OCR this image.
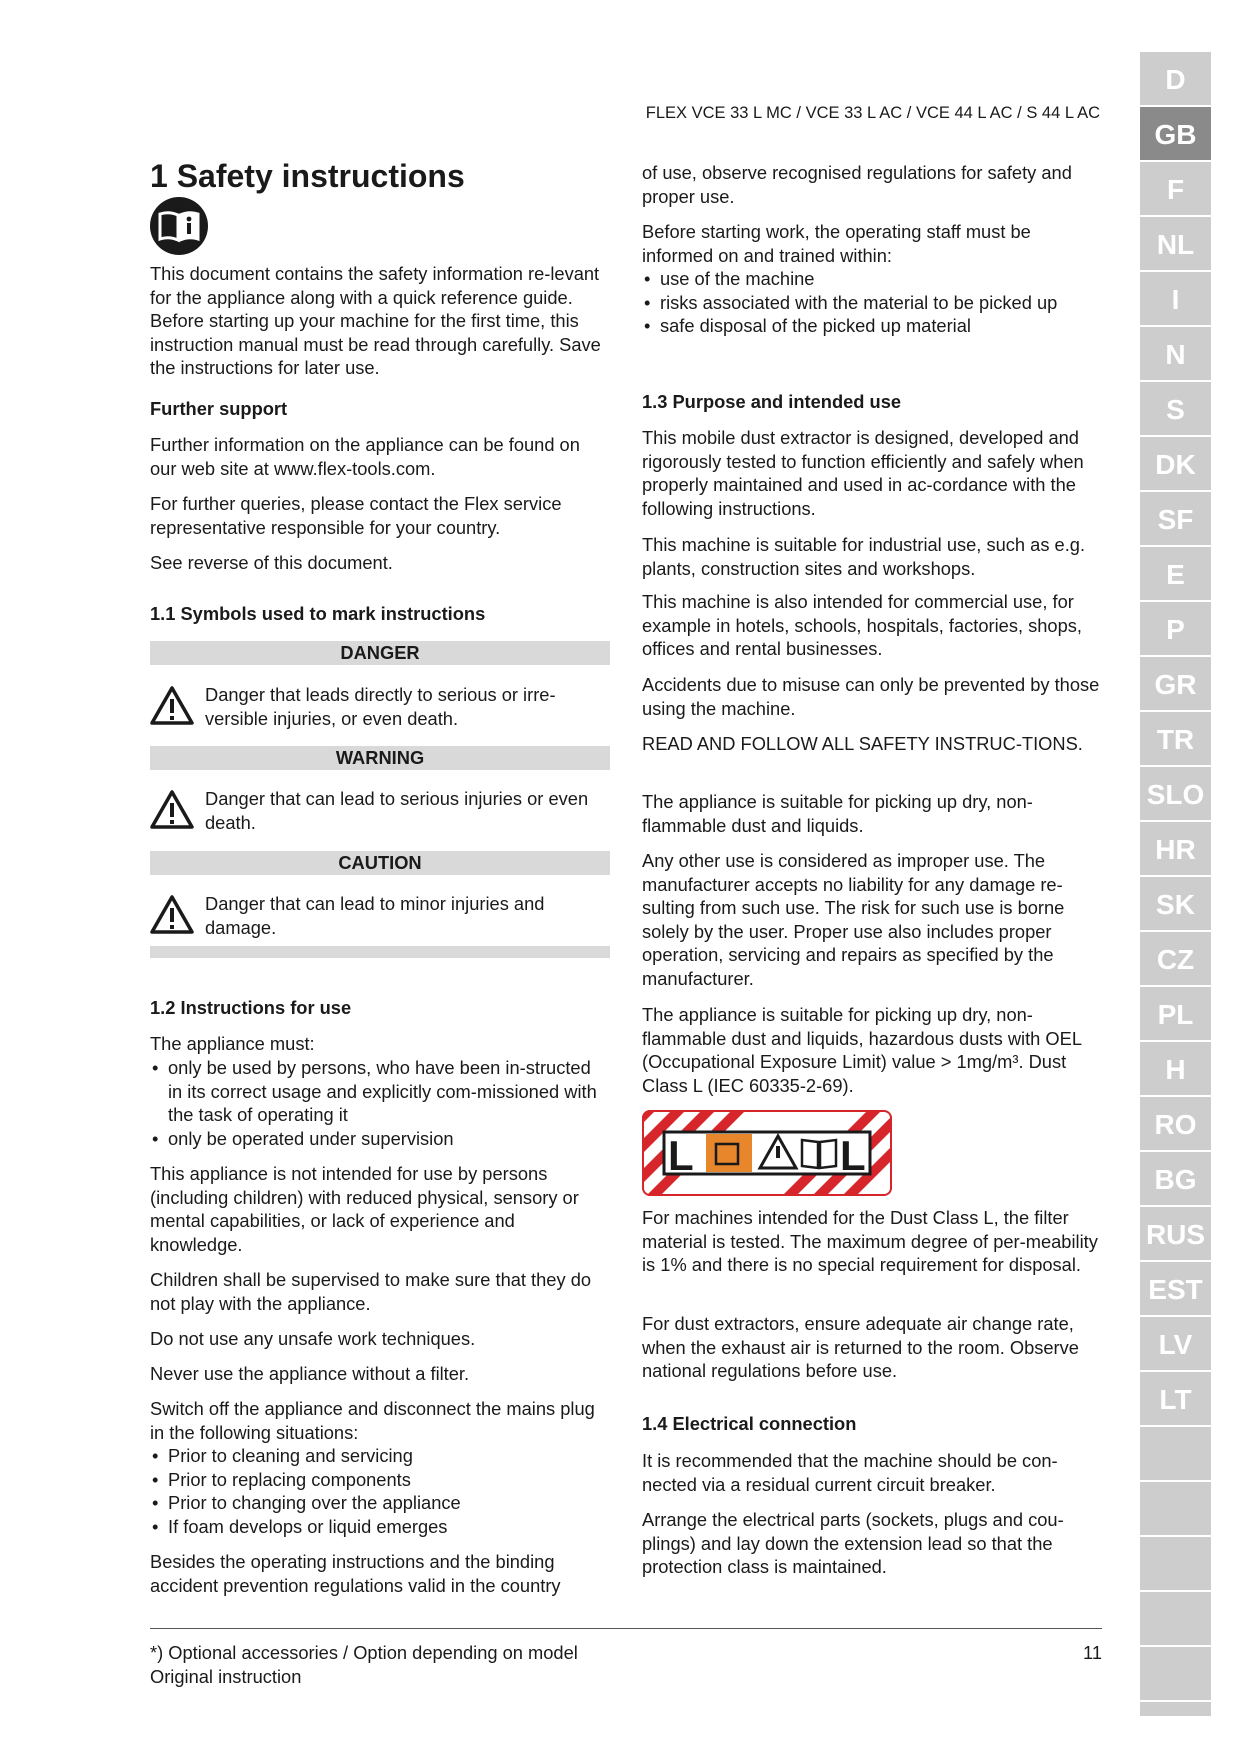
FLEX VCE 33 L MC / VCE 33 L AC / VCE 44 L AC / S 44 L AC
1 Safety instructions

This document contains the safety information re-levant for the appliance along with a quick reference guide. Before starting up your machine for the first time, this instruction manual must be read through carefully. Save the instructions for later use.

Further support

Further information on the appliance can be found on our web site at www.flex-tools.com.

For further queries, please contact the Flex service representative responsible for your country.

See reverse of this document.

1.1 Symbols used to mark instructions
DANGER

Danger that leads directly to serious or irre-versible injuries, or even death.

WARNING

Danger that can lead to serious injuries or even death.

CAUTION

Danger that can lead to minor injuries and damage.

1.2 Instructions for use

The appliance must:

• only be used by persons, who have been in-structed in its correct usage and explicitly com-missioned with the task of operating it
• only be operated under supervision

This appliance is not intended for use by persons (including children) with reduced physical, sensory or mental capabilities, or lack of experience and knowledge.

Children shall be supervised to make sure that they do not play with the appliance.

Do not use any unsafe work techniques.

Never use the appliance without a filter.

Switch off the appliance and disconnect the mains plug in the following situations:

• Prior to cleaning and servicing
• Prior to replacing components
• Prior to changing over the appliance
• If foam develops or liquid emerges

Besides the operating instructions and the binding accident prevention regulations valid in the country

of use, observe recognised regulations for safety and proper use.

Before starting work, the operating staff must be informed on and trained within:

• use of the machine
• risks associated with the material to be picked up
• safe disposal of the picked up material
1.3 Purpose and intended use

This mobile dust extractor is designed, developed and rigorously tested to function efficiently and safely when properly maintained and used in ac-cordance with the following instructions.

This machine is suitable for industrial use, such as e.g. plants, construction sites and workshops.

This machine is also intended for commercial use, for example in hotels, schools, hospitals, factories, shops, offices and rental businesses.

Accidents due to misuse can only be prevented by those using the machine.

READ AND FOLLOW ALL SAFETY INSTRUC-TIONS.

The appliance is suitable for picking up dry, non-flammable dust and liquids.

Any other use is considered as improper use. The manufacturer accepts no liability for any damage re-sulting from such use. The risk for such use is borne solely by the user. Proper use also includes proper operation, servicing and repairs as specified by the manufacturer.

The appliance is suitable for picking up dry, non-flammable dust and liquids, hazardous dusts with OEL (Occupational Exposure Limit) value > 1mg/m³. Dust Class L (IEC 60335-2-69).

L	L

For machines intended for the Dust Class L, the filter material is tested. The maximum degree of per-meability is 1% and there is no special requirement for disposal.

For dust extractors, ensure adequate air change rate, when the exhaust air is returned to the room. Observe national regulations before use.

1.4 Electrical connection

It is recommended that the machine should be con-nected via a residual current circuit breaker.

Arrange the electrical parts (sockets, plugs and cou-plings) and lay down the extension lead so that the protection class is maintained.

*) Optional accessories / Option depending on model

Original instruction

11

D
GB
F
NL
I
N
S
DK
SF
E
P
GR
TR
SLO
HR
SK
CZ
PL
H
RO
BG
RUS
EST
LV
LT
